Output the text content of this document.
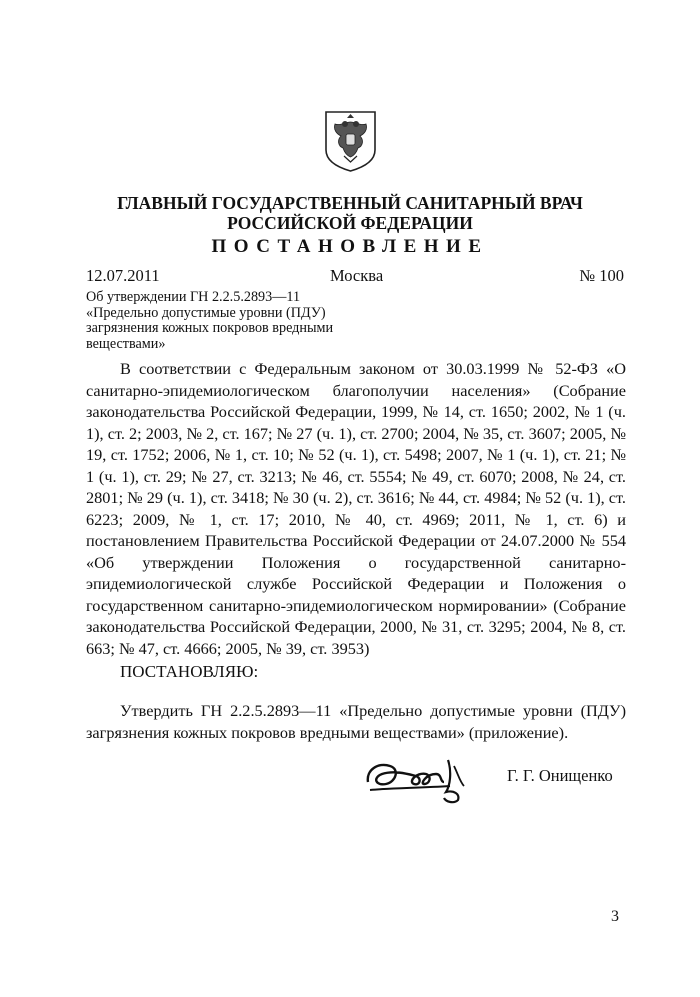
ГЛАВНЫЙ ГОСУДАРСТВЕННЫЙ САНИТАРНЫЙ ВРАЧ
РОССИЙСКОЙ ФЕДЕРАЦИИ
ПОСТАНОВЛЕНИЕ
12.07.2011	Москва	№ 100
Об утверждении ГН 2.2.5.2893—11
«Предельно допустимые уровни (ПДУ)
загрязнения кожных покровов вредными
веществами»
В соответствии с Федеральным законом от 30.03.1999 № 52-ФЗ «О санитарно-эпидемиологическом благополучии населения» (Собрание законодательства Российской Федерации, 1999, № 14, ст. 1650; 2002, № 1 (ч. 1), ст. 2; 2003, № 2, ст. 167; № 27 (ч. 1), ст. 2700; 2004, № 35, ст. 3607; 2005, № 19, ст. 1752; 2006, № 1, ст. 10; № 52 (ч. 1), ст. 5498; 2007, № 1 (ч. 1), ст. 21; № 1 (ч. 1), ст. 29; № 27, ст. 3213; № 46, ст. 5554; № 49, ст. 6070; 2008, № 24, ст. 2801; № 29 (ч. 1), ст. 3418; № 30 (ч. 2), ст. 3616; № 44, ст. 4984; № 52 (ч. 1), ст. 6223; 2009, № 1, ст. 17; 2010, № 40, ст. 4969; 2011, № 1, ст. 6) и постановлением Правительства Российской Федерации от 24.07.2000 № 554 «Об утверждении Положения о государственной санитарно-эпидемиологической службе Российской Федерации и Положения о государственном санитарно-эпидемиологическом нормировании» (Собрание законодательства Российской Федерации, 2000, № 31, ст. 3295; 2004, № 8, ст. 663; № 47, ст. 4666; 2005, № 39, ст. 3953)
ПОСТАНОВЛЯЮ:
Утвердить ГН 2.2.5.2893—11 «Предельно допустимые уровни (ПДУ) загрязнения кожных покровов вредными веществами» (приложение).
Г. Г. Онищенко
3
